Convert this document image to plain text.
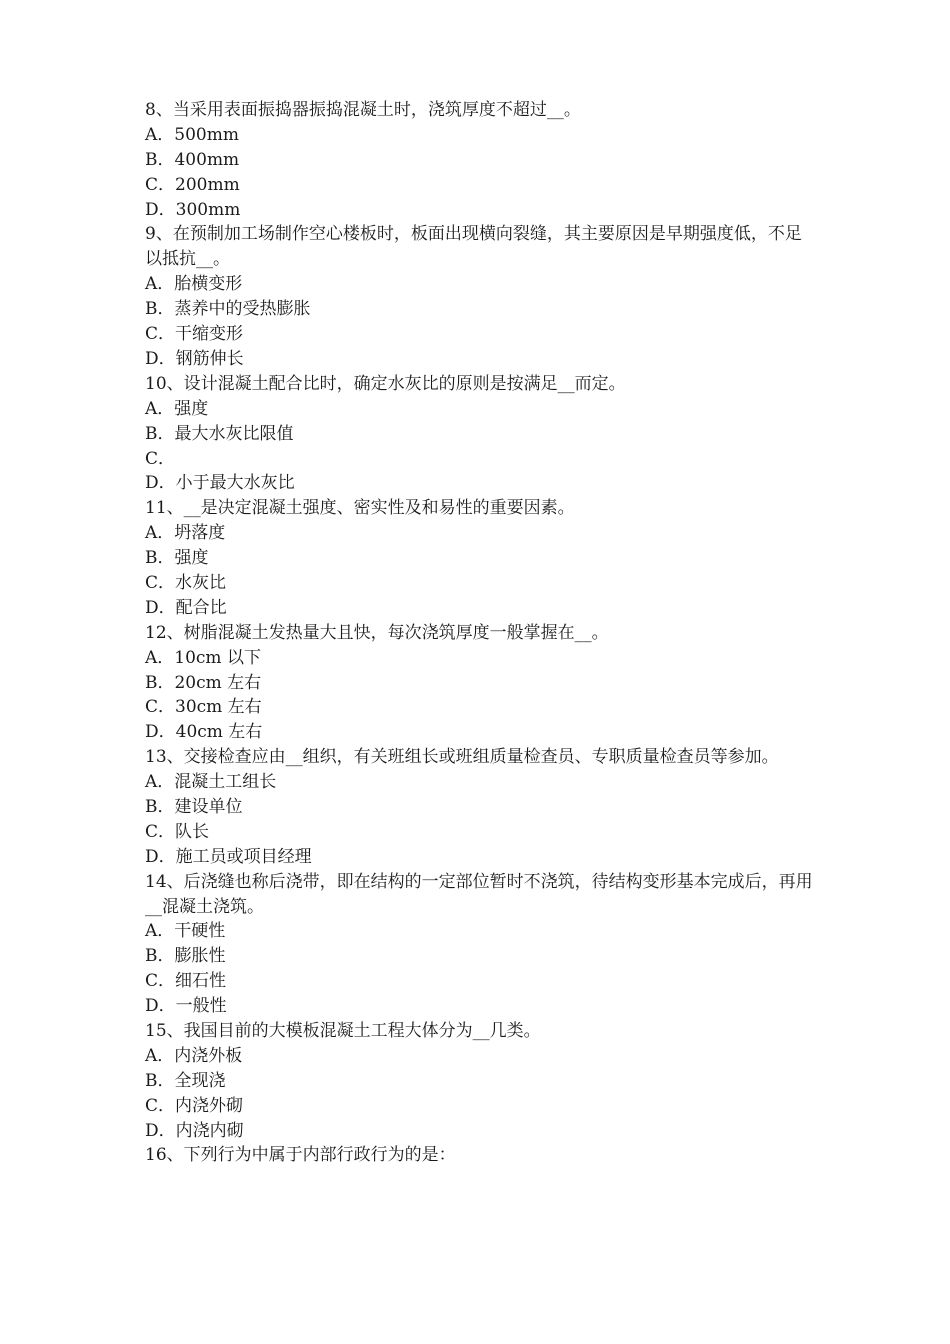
8、当采用表面振捣器振捣混凝土时，浇筑厚度不超过__。
A．500mm
B．400mm
C．200mm
D．300mm
9、在预制加工场制作空心楼板时，板面出现横向裂缝，其主要原因是早期强度低，不足以抵抗__。
A．胎横变形
B．蒸养中的受热膨胀
C．干缩变形
D．钢筋伸长
10、设计混凝土配合比时，确定水灰比的原则是按满足__而定。
A．强度
B．最大水灰比限值
C．
D．小于最大水灰比
11、__是决定混凝土强度、密实性及和易性的重要因素。
A．坍落度
B．强度
C．水灰比
D．配合比
12、树脂混凝土发热量大且快，每次浇筑厚度一般掌握在__。
A．10cm 以下
B．20cm 左右
C．30cm 左右
D．40cm 左右
13、交接检查应由__组织，有关班组长或班组质量检查员、专职质量检查员等参加。
A．混凝土工组长
B．建设单位
C．队长
D．施工员或项目经理
14、后浇缝也称后浇带，即在结构的一定部位暂时不浇筑，待结构变形基本完成后，再用__混凝土浇筑。
A．干硬性
B．膨胀性
C．细石性
D．一般性
15、我国目前的大模板混凝土工程大体分为__几类。
A．内浇外板
B．全现浇
C．内浇外砌
D．内浇内砌
16、下列行为中属于内部行政行为的是：
